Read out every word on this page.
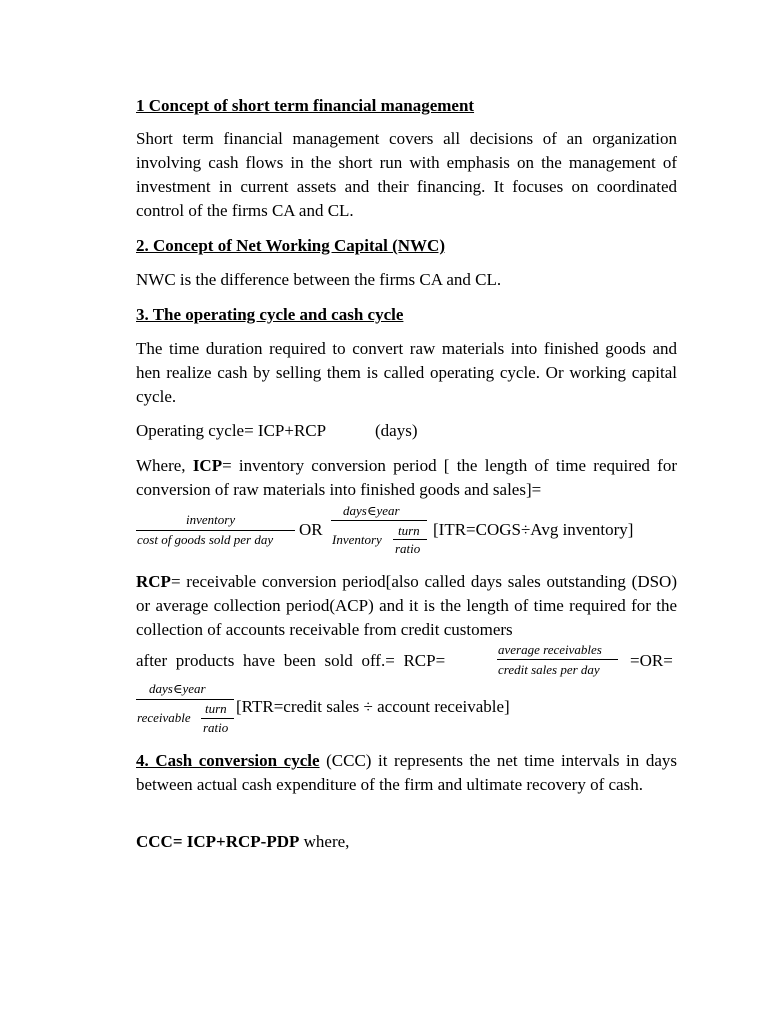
1 Concept of short term financial management

Short term financial management covers all decisions of an organization involving cash flows in the short run with emphasis on the management of investment in current assets and their financing. It focuses on coordinated control of the firms CA and CL.

2. Concept of Net Working Capital (NWC)

NWC is the difference between the firms CA and CL.

3. The operating cycle and cash cycle

The time duration required to convert raw materials into finished goods and hen realize cash by selling them is called operating cycle. Or working capital cycle.

Operating cycle= ICP+RCP	(days)

Where, ICP= inventory conversion period [ the length of time required for conversion of raw materials into finished goods and sales]=

inventory
cost of goods sold per day
OR
days∈year
Inventory
turn
ratio
[ITR=COGS÷Avg inventory]

RCP= receivable conversion period[also called days sales outstanding (DSO) or average collection period(ACP) and it is the length of time required for the collection of accounts receivable from credit customers

after products have been sold off.= RCP=
average receivables
credit sales per day =OR=
days∈year
receivable
turn
ratio
[RTR=credit sales ÷ account receivable]

4. Cash conversion cycle (CCC) it represents the net time intervals in days between actual cash expenditure of the firm and ultimate recovery of cash.

CCC= ICP+RCP-PDP where,
